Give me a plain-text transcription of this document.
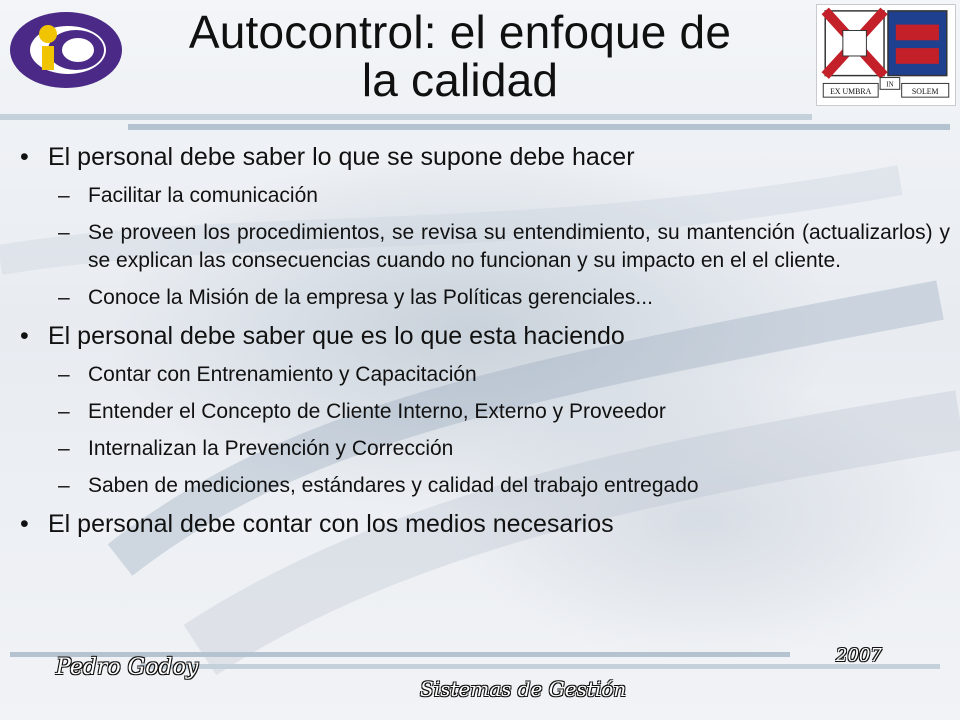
Autocontrol: el enfoque de
la calidad	EX UMBRA
IN
SOLEM
• El personal debe saber lo que se supone debe hacer
– Facilitar la comunicación
– Se proveen los procedimientos, se revisa su entendimiento, su mantención (actualizarlos) y se explican las consecuencias cuando no funcionan y su impacto en el el cliente.
– Conoce la Misión de la empresa y las Políticas gerenciales...
• El personal debe saber que es lo que esta haciendo
– Contar con Entrenamiento y Capacitación
– Entender el Concepto de Cliente Interno, Externo y Proveedor
– Internalizan la Prevención y Corrección
– Saben de mediciones, estándares y calidad del trabajo entregado
• El personal debe contar con los medios necesarios
Pedro Godoy	2007
Sistemas de Gestión
